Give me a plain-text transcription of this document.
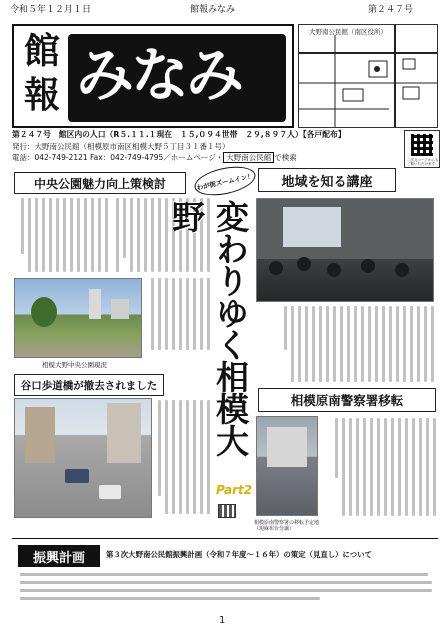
令和５年１２月１日	館報みなみ	第２４７号
館
報 みなみ
大野南公民館（南区役所）
第２４７号　館区内の人口（R５.１１.１現在　１５,０９４世帯　２９,８９７人）【各戸配布】
発行：大野南公民館（相模原市南区相模大野５丁目３１番１号）
電話：042-749-2121 Fax：042-749-4795／ホームページ・ 大野南公民館 で検索	二次元コードからもご覧いただけます
中央公園魅力向上策検討
相模大野中央公園現況
谷口歩道橋が撤去されました
わが街ズームイン！
変わりゆく相模大野
Part2
地域を知る講座
相模原南警察署移転
相模原南警察署の移転予定地（現麻布台分譲）
振興計画	第３次大野南公民館振興計画（令和７年度～１６年）の策定（見直し）について
1
